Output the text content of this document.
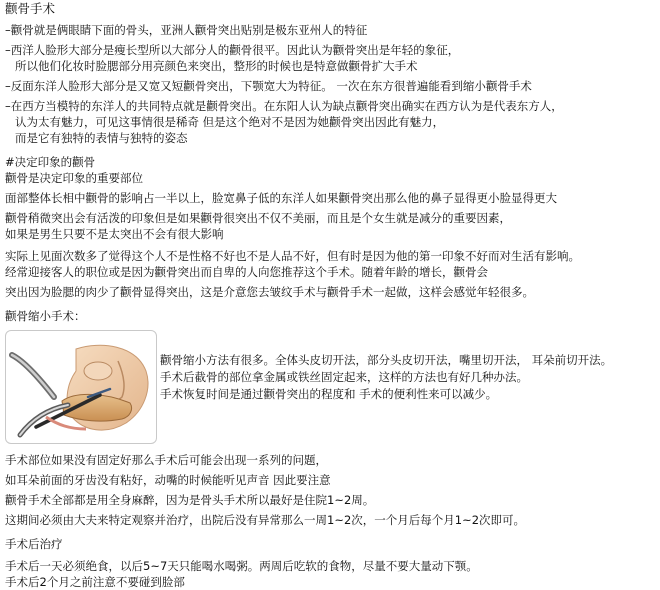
颧骨手术

–颧骨就是俩眼睛下面的骨头，亚洲人颧骨突出贴别是极东亚州人的特征

–西洋人脸形大部分是瘦长型所以大部分人的颧骨很平。因此认为颧骨突出是年轻的象征，

所以他们化妆时脸腮部分用亮颜色来突出，整形的时候也是特意做颧骨扩大手术

–反面东洋人脸形大部分是又宽又短颧骨突出，下颚宽大为特征。 一次在东方很普遍能看到缩小颧骨手术

–在西方当模特的东洋人的共同特点就是颧骨突出。在东阳人认为缺点颧骨突出确实在西方认为是代表东方人，

认为太有魅力，可见这事情很是稀奇 但是这个绝对不是因为她颧骨突出因此有魅力，

而是它有独特的表情与独特的姿态

#决定印象的颧骨

颧骨是决定印象的重要部位

面部整体长相中颧骨的影响占一半以上，脸宽鼻子低的东洋人如果颧骨突出那么他的鼻子显得更小脸显得更大

颧骨稍微突出会有活泼的印象但是如果颧骨很突出不仅不美丽，而且是个女生就是减分的重要因素，

如果是男生只要不是太突出不会有很大影响

实际上见面次数多了觉得这个人不是性格不好也不是人品不好，但有时是因为他的第一印象不好而对生活有影响。

经常迎接客人的职位或是因为颧骨突出而自卑的人向您推荐这个手术。随着年龄的增长，颧骨会

突出因为脸腮的肉少了颧骨显得突出，这是介意您去皱纹手术与颧骨手术一起做，这样会感觉年轻很多。

颧骨缩小手术：

颧骨缩小方法有很多。全体头皮切开法，部分头皮切开法，嘴里切开法， 耳朵前切开法。

手术后截骨的部位拿金属或铁丝固定起来，这样的方法也有好几种办法。

手术恢复时间是通过颧骨突出的程度和 手术的便利性来可以减少。

手术部位如果没有固定好那么手术后可能会出现一系列的问题，

如耳朵前面的牙齿没有粘好，动嘴的时候能听见声音 因此要注意

颧骨手术全部都是用全身麻醉，因为是骨头手术所以最好是住院1~2周。

这期间必须由大夫来特定观察并治疗，出院后没有异常那么一周1~2次，一个月后每个月1~2次即可。

手术后治疗

手术后一天必须绝食，以后5~7天只能喝水喝粥。两周后吃软的食物，尽量不要大量动下颚。

手术后2个月之前注意不要碰到脸部
